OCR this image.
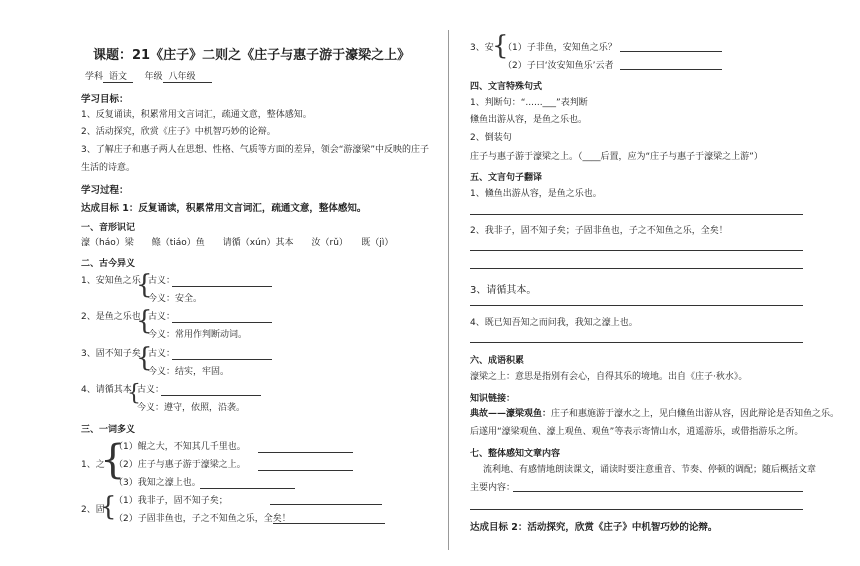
课题：21《庄子》二则之《庄子与惠子游于濠梁之上》
学科 语文 年级 八年级
学习目标：
1、反复诵读，积累常用文言词汇，疏通文意，整体感知。
2、活动探究，欣赏《庄子》中机智巧妙的论辩。
3、了解庄子和惠子两人在思想、性格、气质等方面的差异，领会“游濠梁”中反映的庄子
生活的诗意。
学习过程：
达成目标 1：反复诵读，积累常用文言词汇，疏通文意，整体感知。
一、音形识记
濠（háo）梁　　鲦（tiáo）鱼　　请循（xún）其本　　汝（rǔ）　　既（jì）
二、古今异义
1、安知鱼之乐
{
古义：
今义：安全。
2、是鱼之乐也
{
古义：
今义：常用作判断动词。
3、固不知子矣
{
古义：
今义：结实，牢固。
4、请循其本
{
古义：
今义：遵守，依照，沿袭。
三、一词多义
1、之
{
（1）鲲之大，不知其几千里也。
（2）庄子与惠子游于濠梁之上。
（3）我知之濠上也。
2、固
{
（1）我非子，固不知子矣；
（2）子固非鱼也，子之不知鱼之乐，全矣！
3、安
{
（1）子非鱼，安知鱼之乐？
（2）子曰‘汝安知鱼乐’云者
四、文言特殊句式
1、判断句：“......___”表判断
儵鱼出游从容，是鱼之乐也。
2、倒装句
庄子与惠子游于濠梁之上。（____后置，应为“庄子与惠子于濠梁之上游”）
五、文言句子翻译
1、儵鱼出游从容，是鱼之乐也。
2、我非子，固不知子矣；子固非鱼也，子之不知鱼之乐，全矣！
3、请循其本。
4、既已知吾知之而问我，我知之濠上也。
六、成语积累
濠梁之上：意思是指别有会心，自得其乐的境地。出自《庄子·秋水》。
知识链接：
典故——濠梁观鱼：庄子和惠施游于濠水之上，见白儵鱼出游从容，因此辩论是否知鱼之乐。
后遂用“濠梁观鱼、濠上观鱼、观鱼”等表示寄情山水，逍遥游乐，或借指游乐之所。
七、整体感知文章内容
流利地、有感情地朗读课文，诵读时要注意重音、节奏、停顿的调配；随后概括文章
主要内容：
达成目标 2：活动探究，欣赏《庄子》中机智巧妙的论辩。
